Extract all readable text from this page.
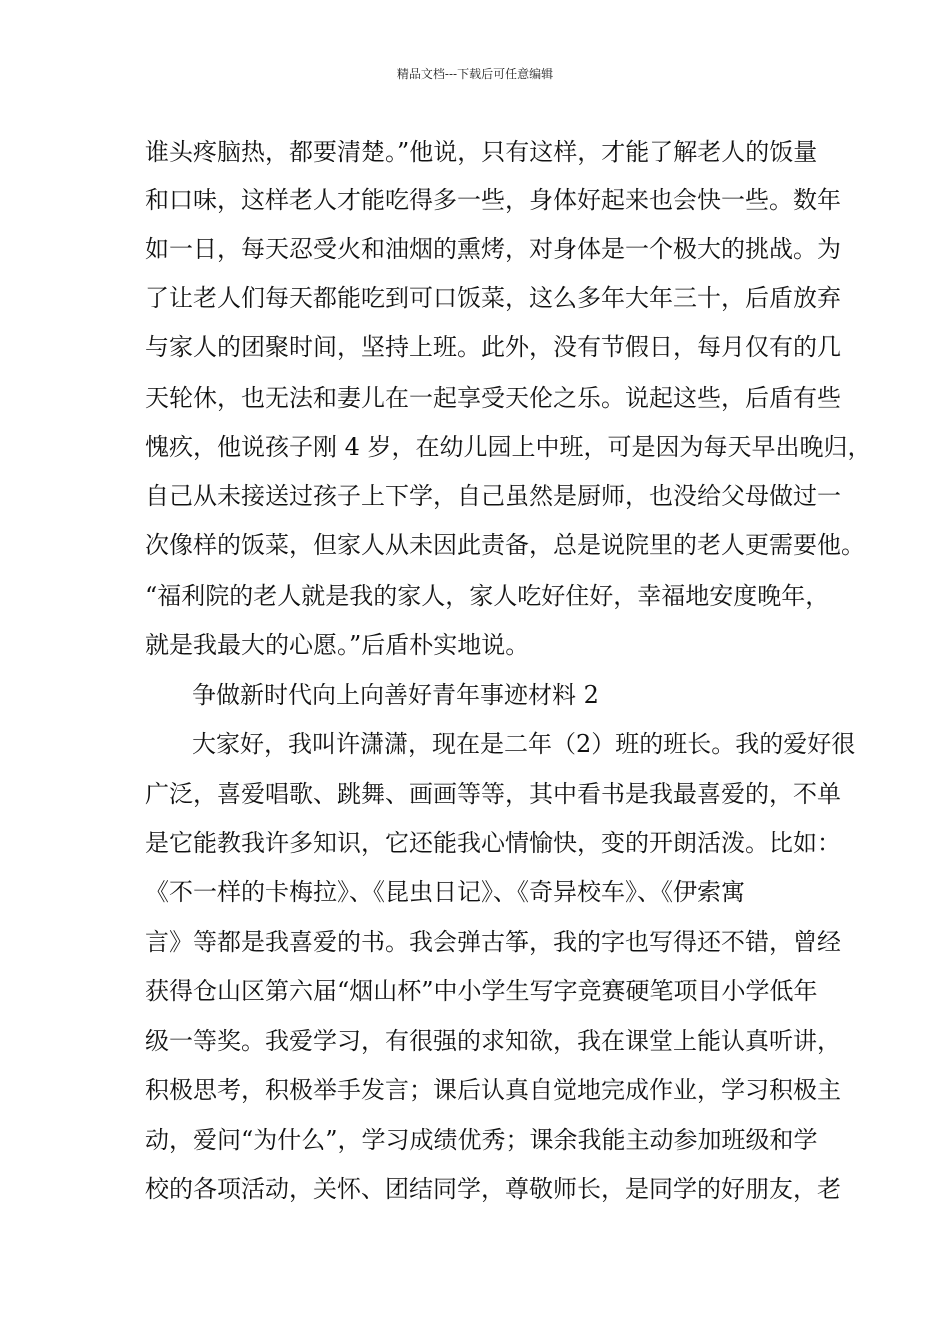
精品文档---下载后可任意编辑
谁头疼脑热，都要清楚。”他说，只有这样，才能了解老人的饭量
和口味，这样老人才能吃得多一些，身体好起来也会快一些。数年
如一日，每天忍受火和油烟的熏烤，对身体是一个极大的挑战。为
了让老人们每天都能吃到可口饭菜，这么多年大年三十，后盾放弃
与家人的团聚时间，坚持上班。此外，没有节假日，每月仅有的几
天轮休，也无法和妻儿在一起享受天伦之乐。说起这些，后盾有些
愧疚，他说孩子刚 4 岁，在幼儿园上中班，可是因为每天早出晚归，
自己从未接送过孩子上下学，自己虽然是厨师，也没给父母做过一
次像样的饭菜，但家人从未因此责备，总是说院里的老人更需要他。
“福利院的老人就是我的家人，家人吃好住好，幸福地安度晚年，
就是我最大的心愿。”后盾朴实地说。
争做新时代向上向善好青年事迹材料 2
大家好，我叫许潇潇，现在是二年（2）班的班长。我的爱好很
广泛，喜爱唱歌、跳舞、画画等等，其中看书是我最喜爱的，不单
是它能教我许多知识，它还能我心情愉快，变的开朗活泼。比如：
《不一样的卡梅拉》、《昆虫日记》、《奇异校车》、《伊索寓
言》等都是我喜爱的书。我会弹古筝，我的字也写得还不错，曾经
获得仓山区第六届“烟山杯”中小学生写字竞赛硬笔项目小学低年
级一等奖。我爱学习，有很强的求知欲，我在课堂上能认真听讲，
积极思考，积极举手发言；课后认真自觉地完成作业，学习积极主
动，爱问“为什么”，学习成绩优秀；课余我能主动参加班级和学
校的各项活动，关怀、团结同学，尊敬师长，是同学的好朋友，老
